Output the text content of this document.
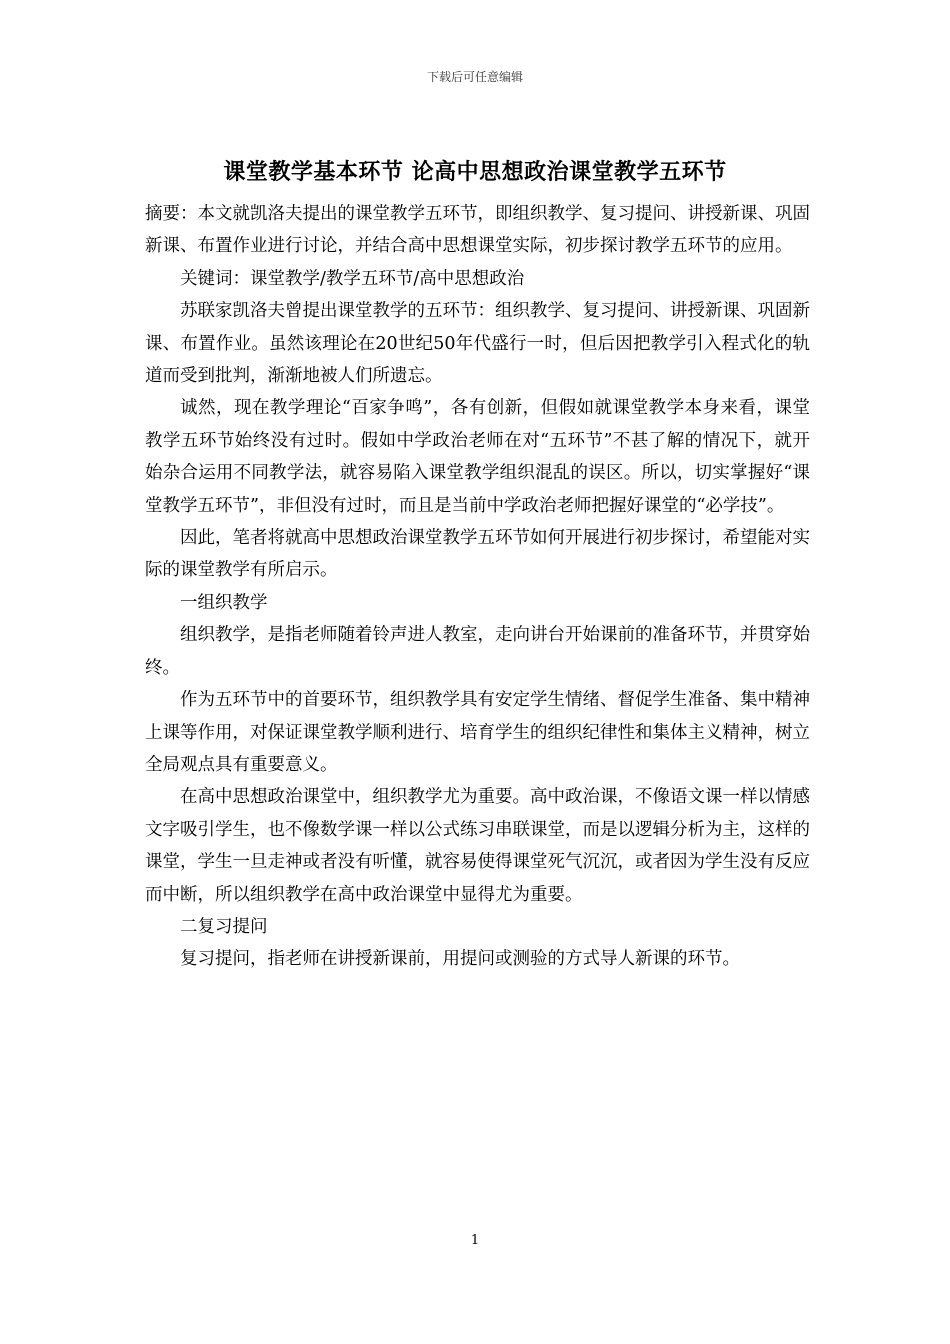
下载后可任意编辑
课堂教学基本环节 论高中思想政治课堂教学五环节

摘要：本文就凯洛夫提出的课堂教学五环节，即组织教学、复习提问、讲授新课、巩固新课、布置作业进行讨论，并结合高中思想课堂实际，初步探讨教学五环节的应用。

关键词：课堂教学/教学五环节/高中思想政治

苏联家凯洛夫曾提出课堂教学的五环节：组织教学、复习提问、讲授新课、巩固新课、布置作业。虽然该理论在20世纪50年代盛行一时，但后因把教学引入程式化的轨道而受到批判，渐渐地被人们所遗忘。

诚然，现在教学理论“百家争鸣”，各有创新，但假如就课堂教学本身来看，课堂教学五环节始终没有过时。假如中学政治老师在对“五环节”不甚了解的情况下，就开始杂合运用不同教学法，就容易陷入课堂教学组织混乱的误区。所以，切实掌握好“课堂教学五环节”，非但没有过时，而且是当前中学政治老师把握好课堂的“必学技”。

因此，笔者将就高中思想政治课堂教学五环节如何开展进行初步探讨，希望能对实际的课堂教学有所启示。

一组织教学

组织教学，是指老师随着铃声进人教室，走向讲台开始课前的准备环节，并贯穿始终。

作为五环节中的首要环节，组织教学具有安定学生情绪、督促学生准备、集中精神上课等作用，对保证课堂教学顺利进行、培育学生的组织纪律性和集体主义精神，树立全局观点具有重要意义。

在高中思想政治课堂中，组织教学尤为重要。高中政治课，不像语文课一样以情感文字吸引学生，也不像数学课一样以公式练习串联课堂，而是以逻辑分析为主，这样的课堂，学生一旦走神或者没有听懂，就容易使得课堂死气沉沉，或者因为学生没有反应而中断，所以组织教学在高中政治课堂中显得尤为重要。

二复习提问

复习提问，指老师在讲授新课前，用提问或测验的方式导人新课的环节。

1
